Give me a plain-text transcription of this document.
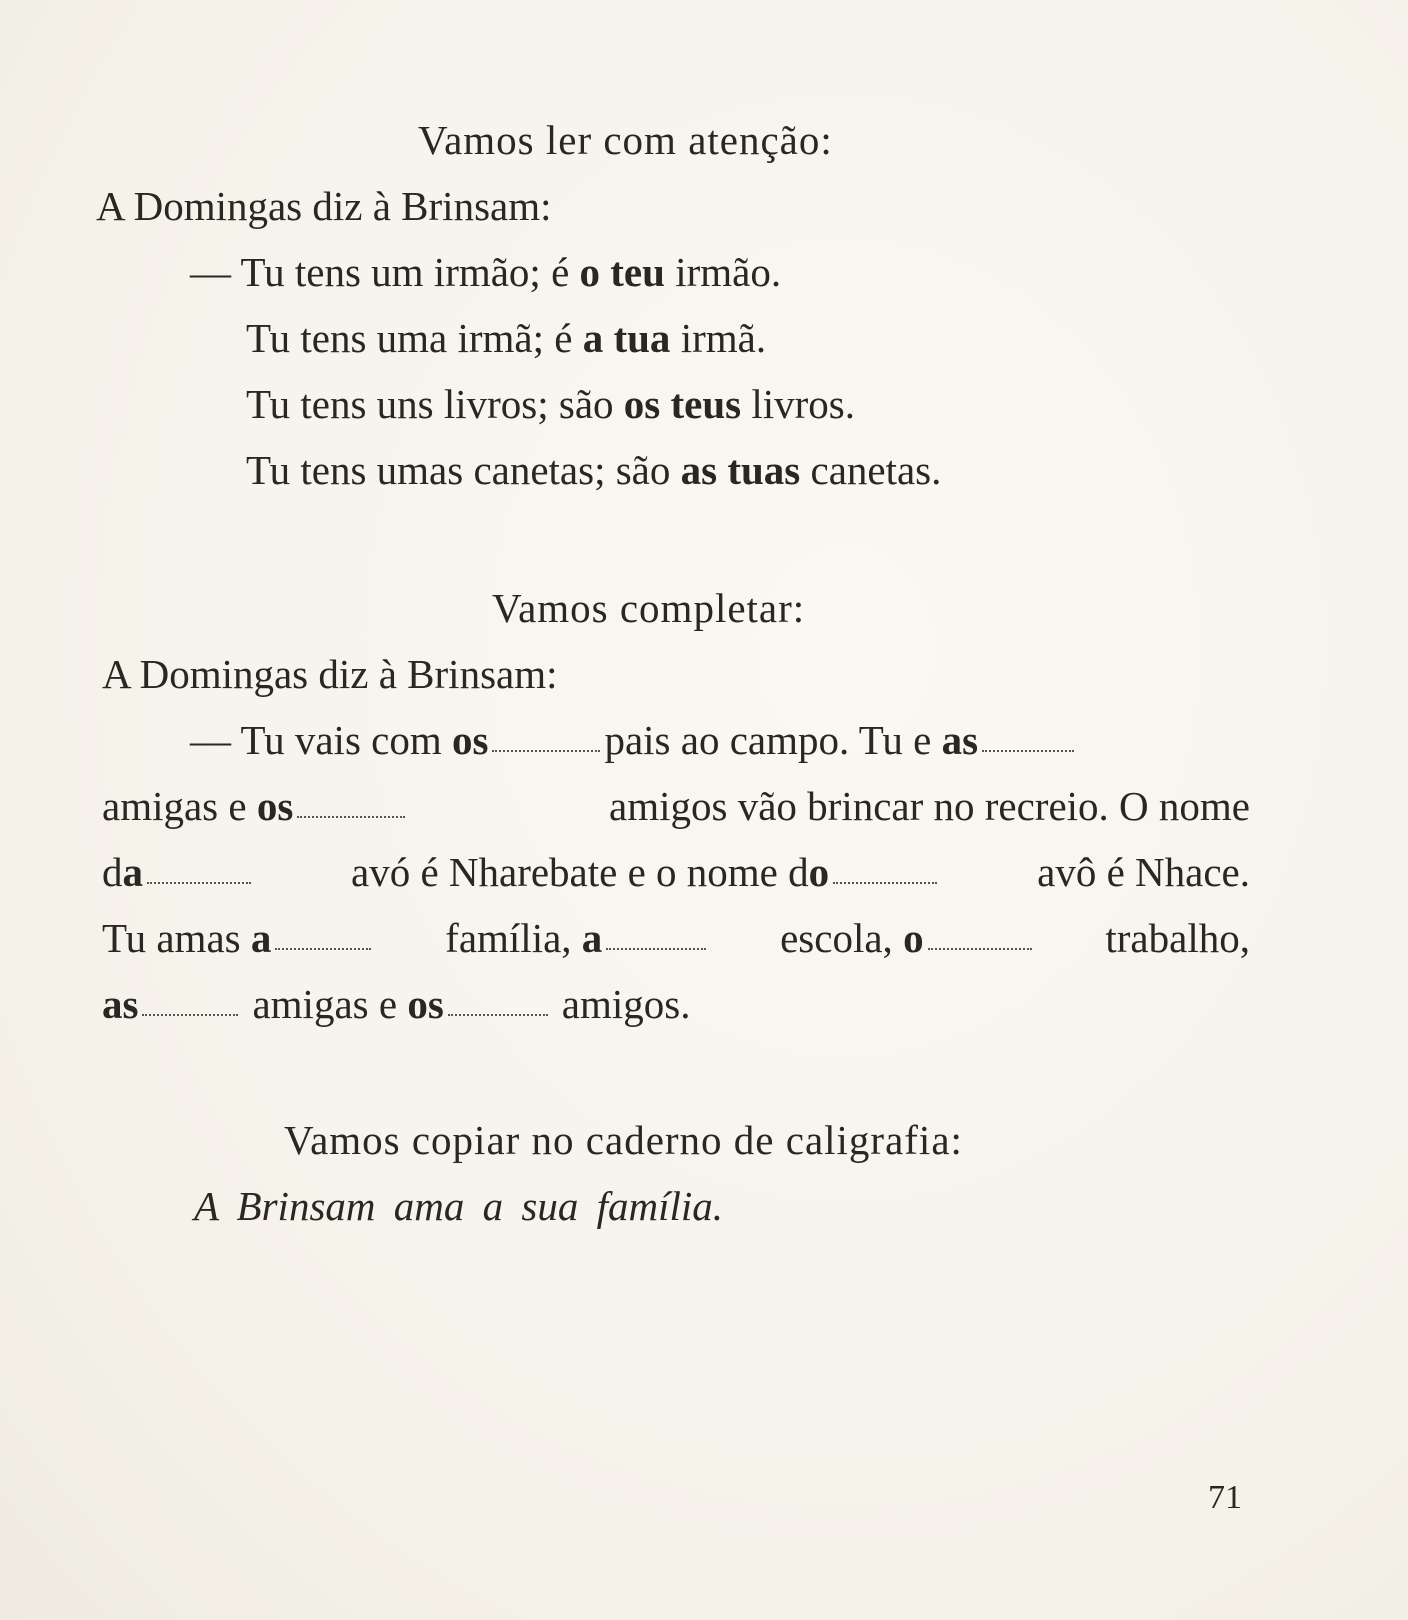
Vamos ler com atenção:
A Domingas diz à Brinsam:
— Tu tens um irmão; é o teu irmão.
Tu tens uma irmã; é a tua irmã.
Tu tens uns livros; são os teus livros.
Tu tens umas canetas; são as tuas canetas.
Vamos completar:
A Domingas diz à Brinsam:
— Tu vais com os	pais ao campo. Tu e as
amigas e os	amigos vão brincar no recreio. O nome
da	avó é Nharebate e o nome do	avô é Nhace.
Tu amas a	família, a	escola, o	trabalho,
as	amigas e os	amigos.
Vamos copiar no caderno de caligrafia:
A Brinsam ama a sua família.
71
